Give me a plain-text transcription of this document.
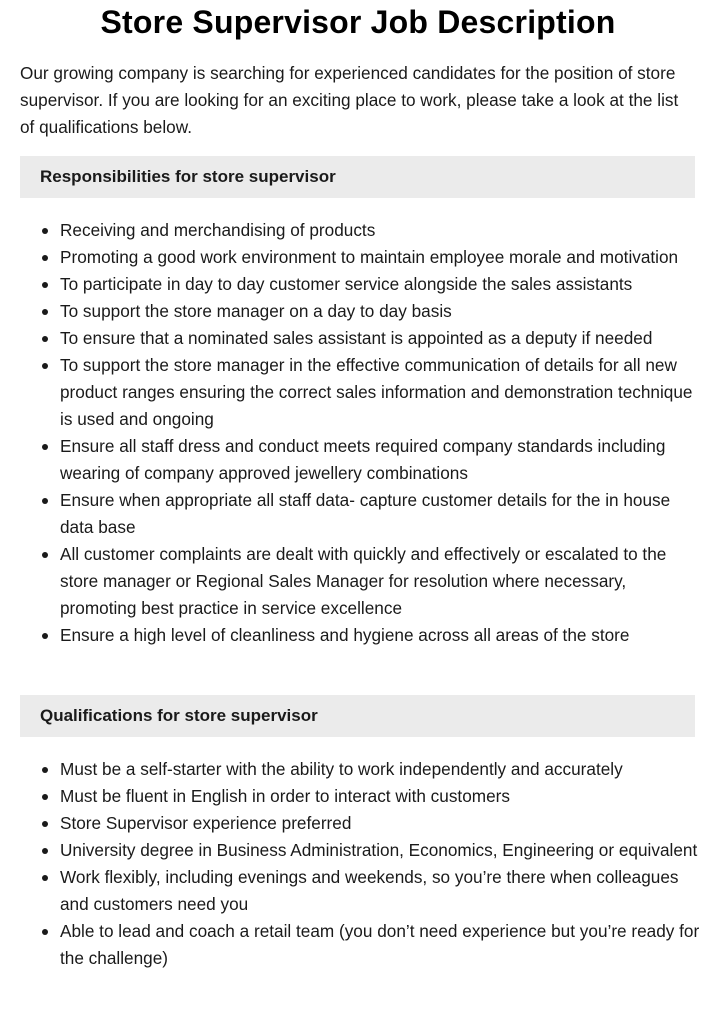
Store Supervisor Job Description

Our growing company is searching for experienced candidates for the position of store supervisor. If you are looking for an exciting place to work, please take a look at the list of qualifications below.

Responsibilities for store supervisor
Receiving and merchandising of products
Promoting a good work environment to maintain employee morale and motivation
To participate in day to day customer service alongside the sales assistants
To support the store manager on a day to day basis
To ensure that a nominated sales assistant is appointed as a deputy if needed
To support the store manager in the effective communication of details for all new product ranges ensuring the correct sales information and demonstration technique is used and ongoing
Ensure all staff dress and conduct meets required company standards including wearing of company approved jewellery combinations
Ensure when appropriate all staff data- capture customer details for the in house data base
All customer complaints are dealt with quickly and effectively or escalated to the store manager or Regional Sales Manager for resolution where necessary, promoting best practice in service excellence
Ensure a high level of cleanliness and hygiene across all areas of the store
Qualifications for store supervisor
Must be a self-starter with the ability to work independently and accurately
Must be fluent in English in order to interact with customers
Store Supervisor experience preferred
University degree in Business Administration, Economics, Engineering or equivalent
Work flexibly, including evenings and weekends, so you’re there when colleagues and customers need you
Able to lead and coach a retail team (you don’t need experience but you’re ready for the challenge)
